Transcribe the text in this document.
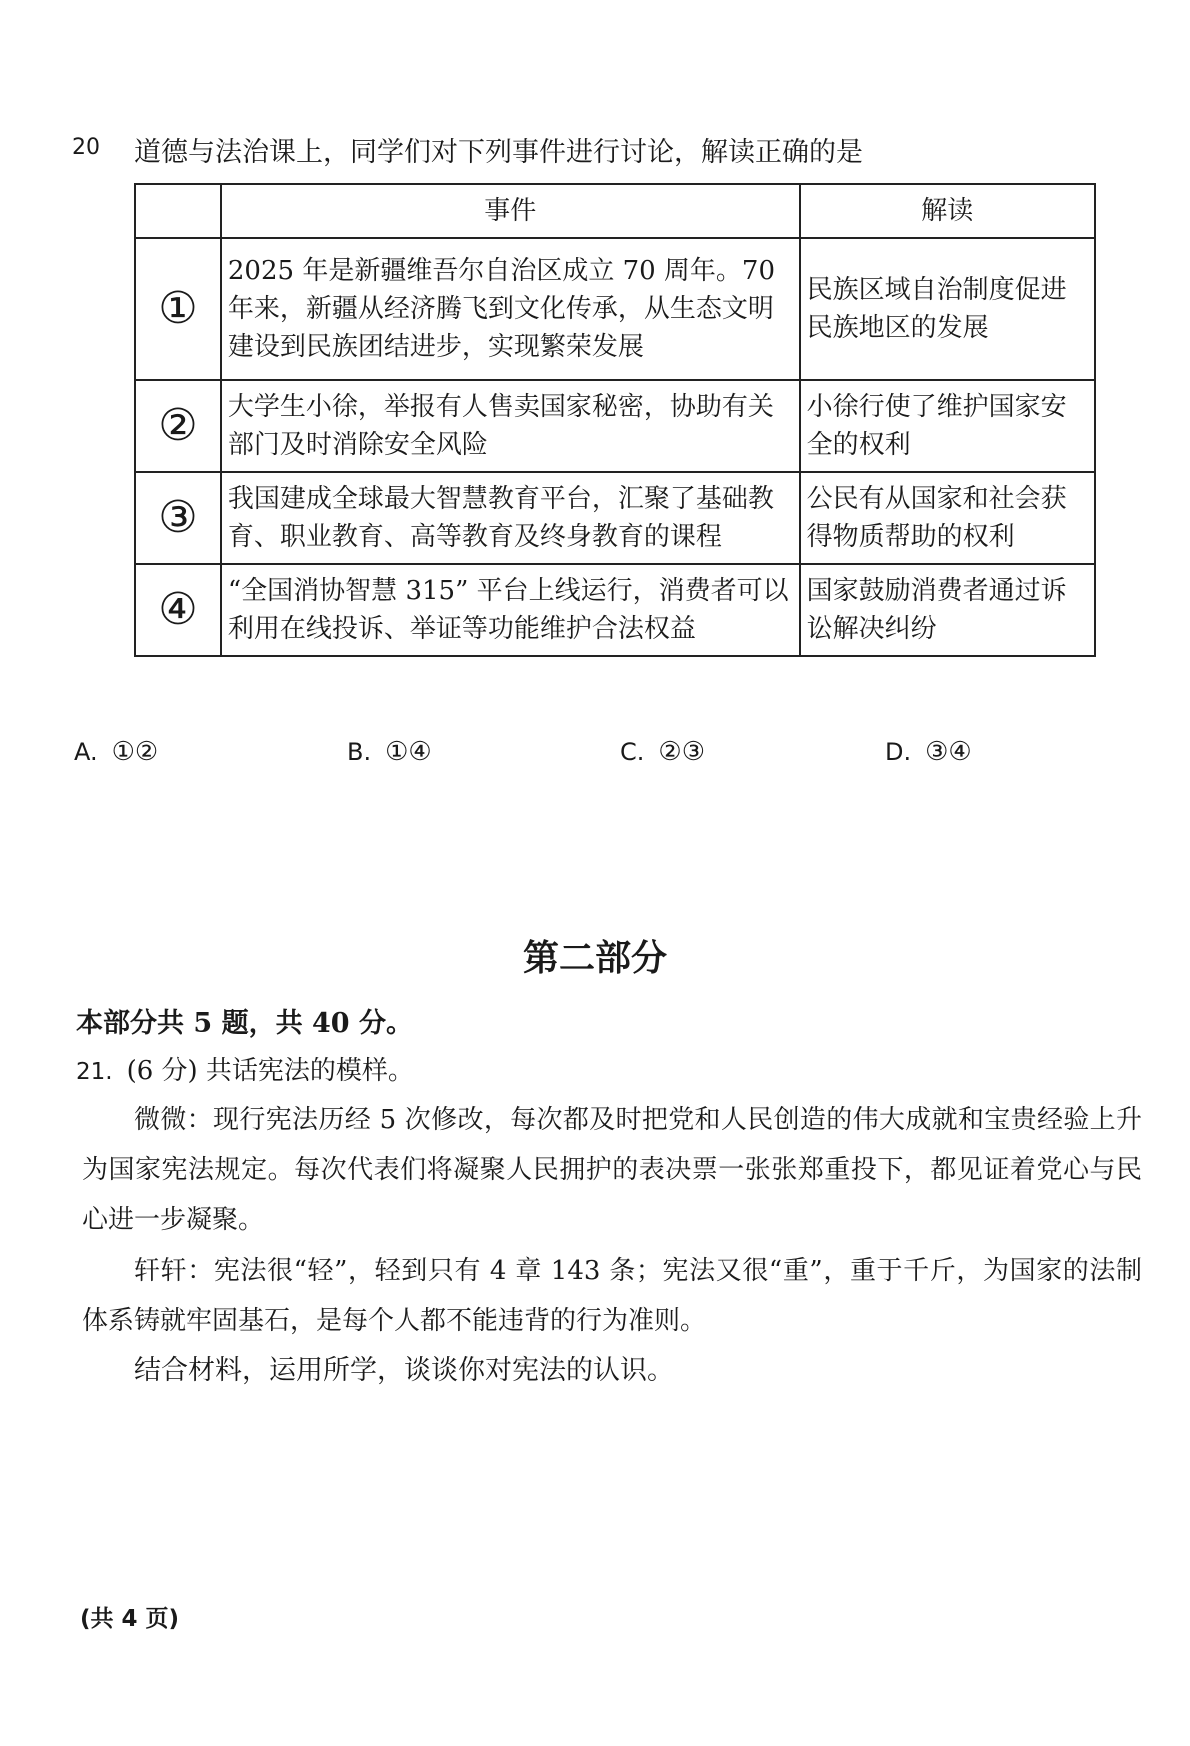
20 道德与法治课上，同学们对下列事件进行讨论，解读正确的是
	事件	解读
①	2025 年是新疆维吾尔自治区成立 70 周年。70 年来，新疆从经济腾飞到文化传承，从生态文明建设到民族团结进步，实现繁荣发展	民族区域自治制度促进民族地区的发展
②	大学生小徐，举报有人售卖国家秘密，协助有关部门及时消除安全风险	小徐行使了维护国家安全的权利
③	我国建成全球最大智慧教育平台，汇聚了基础教育、职业教育、高等教育及终身教育的课程	公民有从国家和社会获得物质帮助的权利
④	“全国消协智慧 315” 平台上线运行，消费者可以利用在线投诉、举证等功能维护合法权益	国家鼓励消费者通过诉讼解决纠纷
A. ①②	B. ①④	C. ②③	D. ③④
第二部分
本部分共 5 题，共 40 分。
21. (6 分) 共话宪法的模样。
微微：现行宪法历经 5 次修改，每次都及时把党和人民创造的伟大成就和宝贵经验上升为国家宪法规定。每次代表们将凝聚人民拥护的表决票一张张郑重投下，都见证着党心与民心进一步凝聚。
轩轩：宪法很“轻”，轻到只有 4 章 143 条；宪法又很“重”，重于千斤，为国家的法制体系铸就牢固基石，是每个人都不能违背的行为准则。
结合材料，运用所学，谈谈你对宪法的认识。
(共 4 页)
